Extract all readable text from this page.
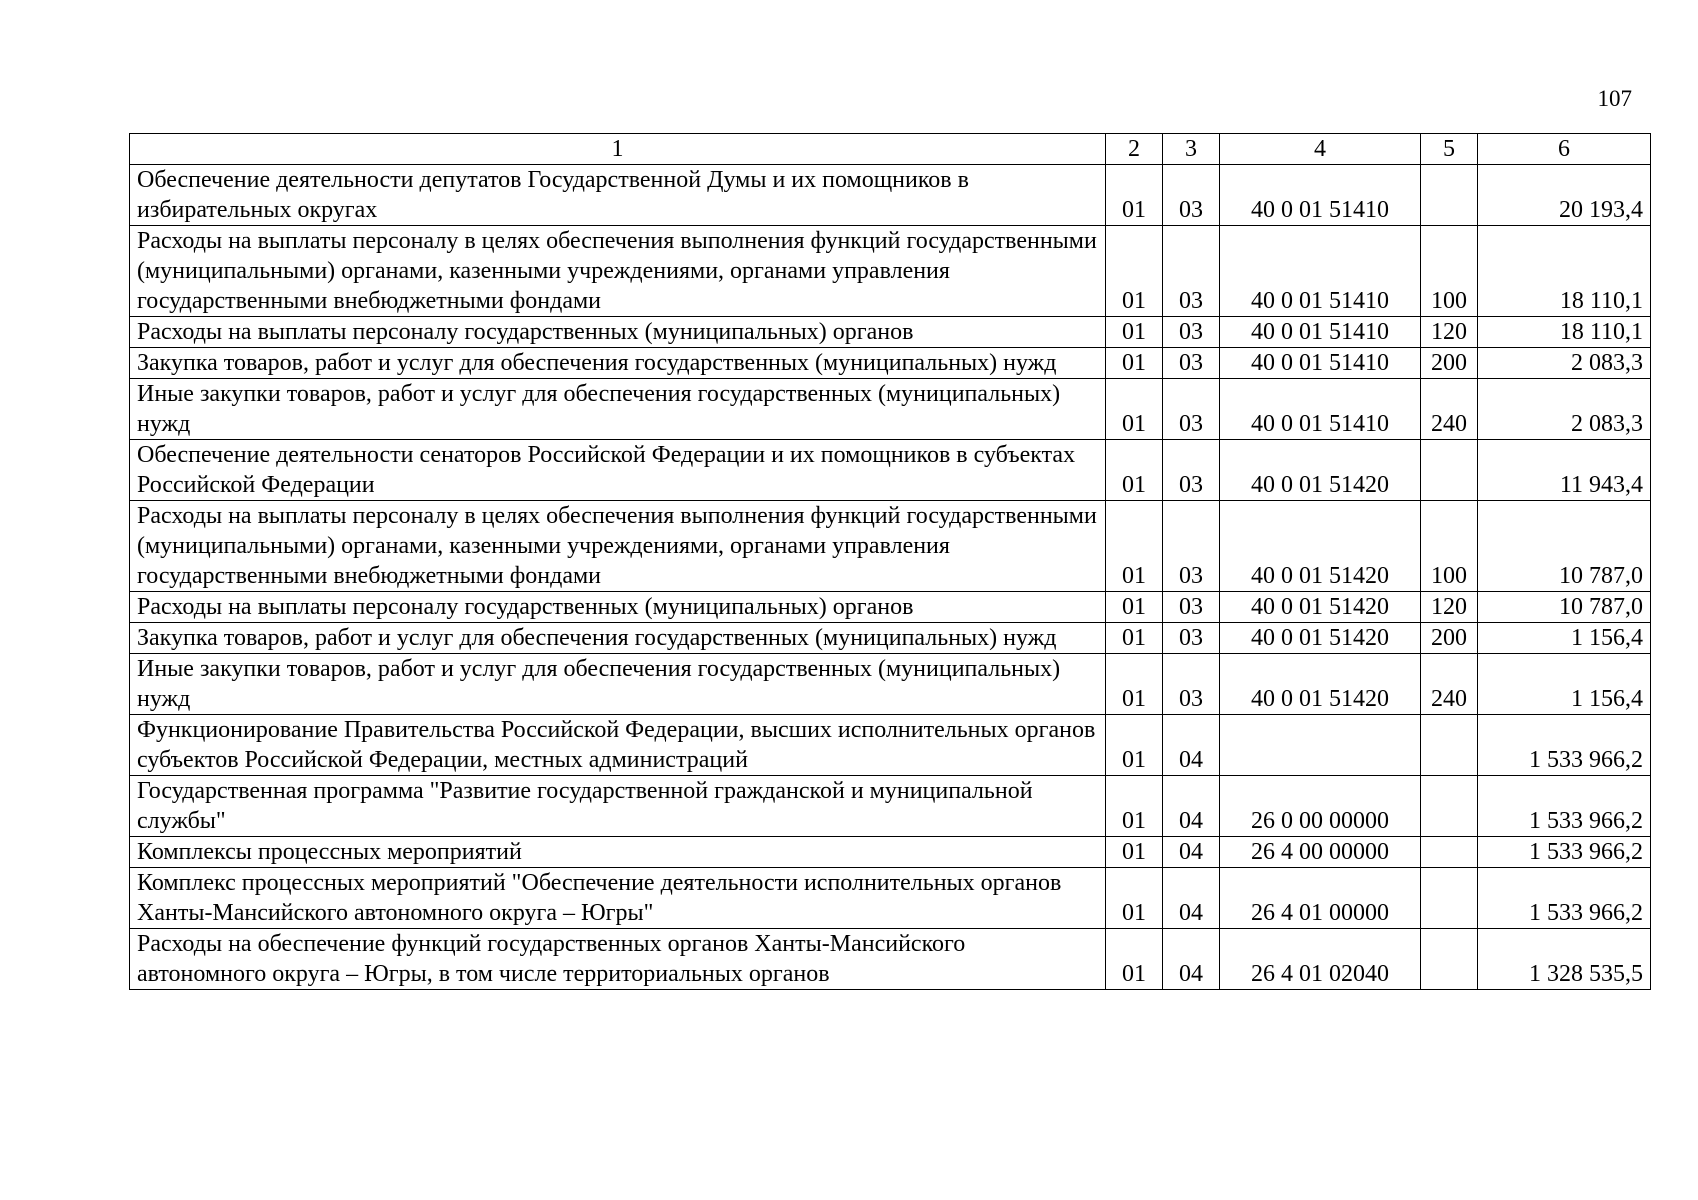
107
1	2	3	4	5	6
Обеспечение деятельности депутатов Государственной Думы и их помощников в избирательных округах	01	03	40 0 01 51410		20 193,4
Расходы на выплаты персоналу в целях обеспечения выполнения функций государственными (муниципальными) органами, казенными учреждениями, органами управления государственными внебюджетными фондами	01	03	40 0 01 51410	100	18 110,1
Расходы на выплаты персоналу государственных (муниципальных) органов	01	03	40 0 01 51410	120	18 110,1
Закупка товаров, работ и услуг для обеспечения государственных (муниципальных) нужд	01	03	40 0 01 51410	200	2 083,3
Иные закупки товаров, работ и услуг для обеспечения государственных (муниципальных) нужд	01	03	40 0 01 51410	240	2 083,3
Обеспечение деятельности сенаторов Российской Федерации и их помощников в субъектах Российской Федерации	01	03	40 0 01 51420		11 943,4
Расходы на выплаты персоналу в целях обеспечения выполнения функций государственными (муниципальными) органами, казенными учреждениями, органами управления государственными внебюджетными фондами	01	03	40 0 01 51420	100	10 787,0
Расходы на выплаты персоналу государственных (муниципальных) органов	01	03	40 0 01 51420	120	10 787,0
Закупка товаров, работ и услуг для обеспечения государственных (муниципальных) нужд	01	03	40 0 01 51420	200	1 156,4
Иные закупки товаров, работ и услуг для обеспечения государственных (муниципальных) нужд	01	03	40 0 01 51420	240	1 156,4
Функционирование Правительства Российской Федерации, высших исполнительных органов субъектов Российской Федерации, местных администраций	01	04			1 533 966,2
Государственная программа "Развитие государственной гражданской и муниципальной службы"	01	04	26 0 00 00000		1 533 966,2
Комплексы процессных мероприятий	01	04	26 4 00 00000		1 533 966,2
Комплекс процессных мероприятий "Обеспечение деятельности исполнительных органов Ханты-Мансийского автономного округа – Югры"	01	04	26 4 01 00000		1 533 966,2
Расходы на обеспечение функций государственных органов Ханты-Мансийского автономного округа – Югры, в том числе территориальных органов	01	04	26 4 01 02040		1 328 535,5
